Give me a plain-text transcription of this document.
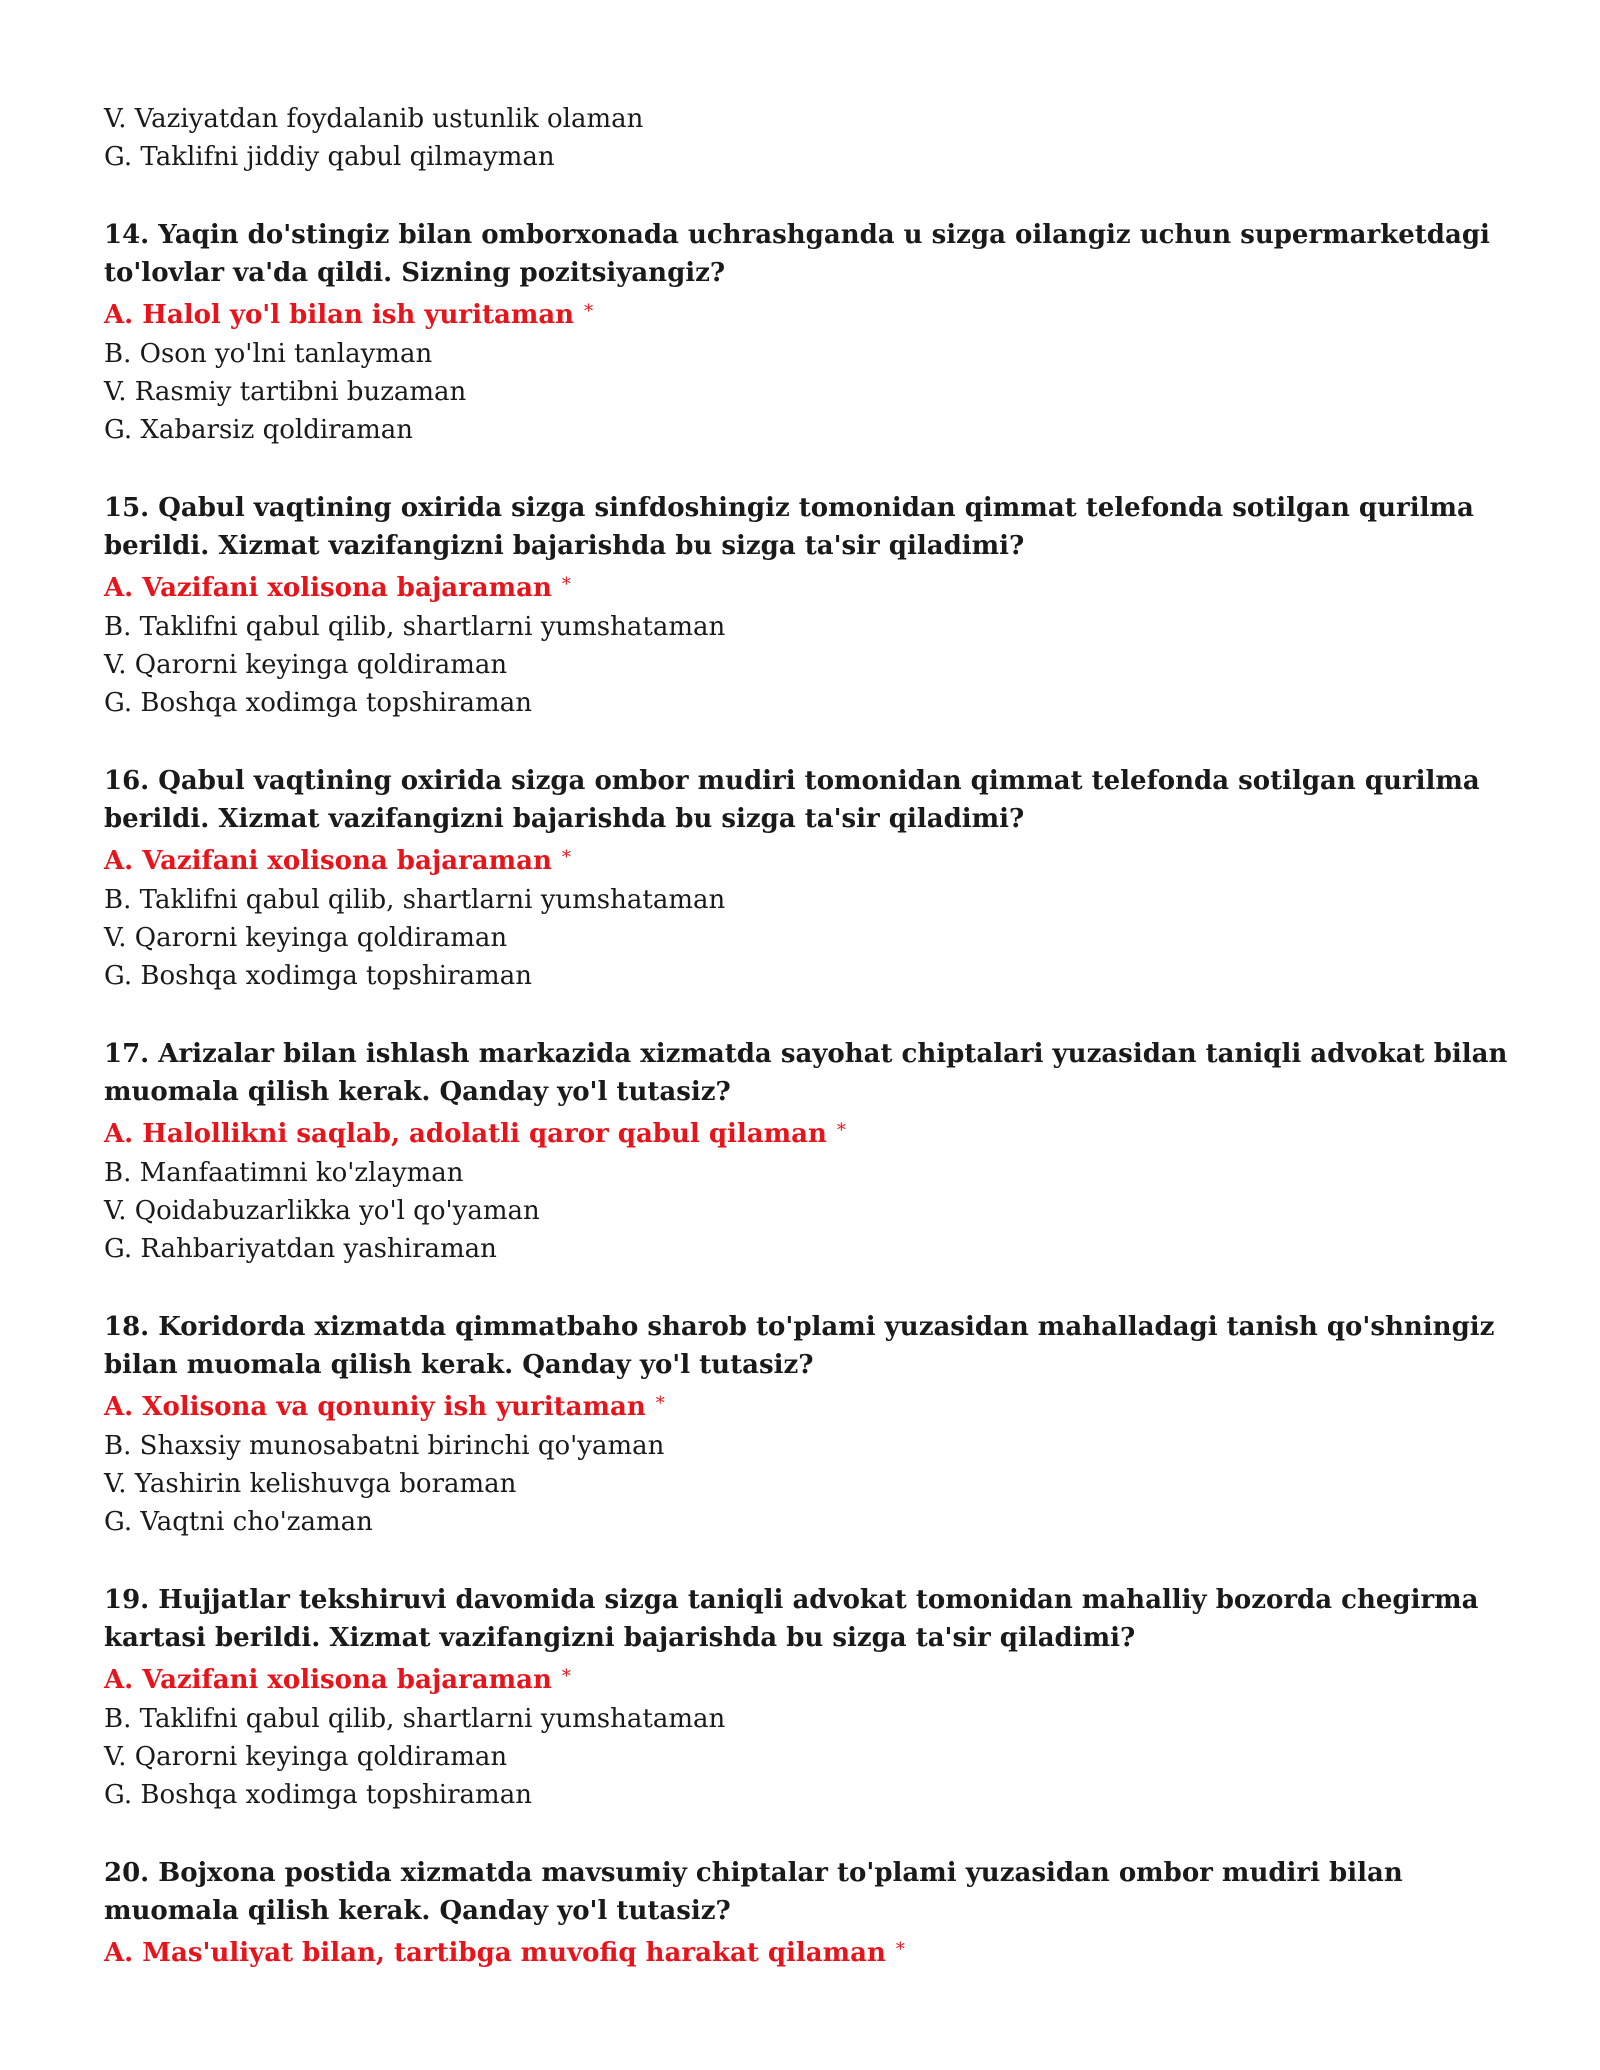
V. Vaziyatdan foydalanib ustunlik olaman
G. Taklifni jiddiy qabul qilmayman
14. Yaqin do'stingiz bilan omborxonada uchrashganda u sizga oilangiz uchun supermarketdagi to'lovlar va'da qildi. Sizning pozitsiyangiz?
A. Halol yo'l bilan ish yuritaman *
B. Oson yo'lni tanlayman
V. Rasmiy tartibni buzaman
G. Xabarsiz qoldiraman
15. Qabul vaqtining oxirida sizga sinfdoshingiz tomonidan qimmat telefonda sotilgan qurilma berildi. Xizmat vazifangizni bajarishda bu sizga ta'sir qiladimi?
A. Vazifani xolisona bajaraman *
B. Taklifni qabul qilib, shartlarni yumshataman
V. Qarorni keyinga qoldiraman
G. Boshqa xodimga topshiraman
16. Qabul vaqtining oxirida sizga ombor mudiri tomonidan qimmat telefonda sotilgan qurilma berildi. Xizmat vazifangizni bajarishda bu sizga ta'sir qiladimi?
A. Vazifani xolisona bajaraman *
B. Taklifni qabul qilib, shartlarni yumshataman
V. Qarorni keyinga qoldiraman
G. Boshqa xodimga topshiraman
17. Arizalar bilan ishlash markazida xizmatda sayohat chiptalari yuzasidan taniqli advokat bilan muomala qilish kerak. Qanday yo'l tutasiz?
A. Halollikni saqlab, adolatli qaror qabul qilaman *
B. Manfaatimni ko'zlayman
V. Qoidabuzarlikka yo'l qo'yaman
G. Rahbariyatdan yashiraman
18. Koridorda xizmatda qimmatbaho sharob to'plami yuzasidan mahalladagi tanish qo'shningiz bilan muomala qilish kerak. Qanday yo'l tutasiz?
A. Xolisona va qonuniy ish yuritaman *
B. Shaxsiy munosabatni birinchi qo'yaman
V. Yashirin kelishuvga boraman
G. Vaqtni cho'zaman
19. Hujjatlar tekshiruvi davomida sizga taniqli advokat tomonidan mahalliy bozorda chegirma kartasi berildi. Xizmat vazifangizni bajarishda bu sizga ta'sir qiladimi?
A. Vazifani xolisona bajaraman *
B. Taklifni qabul qilib, shartlarni yumshataman
V. Qarorni keyinga qoldiraman
G. Boshqa xodimga topshiraman
20. Bojxona postida xizmatda mavsumiy chiptalar to'plami yuzasidan ombor mudiri bilan muomala qilish kerak. Qanday yo'l tutasiz?
A. Mas'uliyat bilan, tartibga muvofiq harakat qilaman *
